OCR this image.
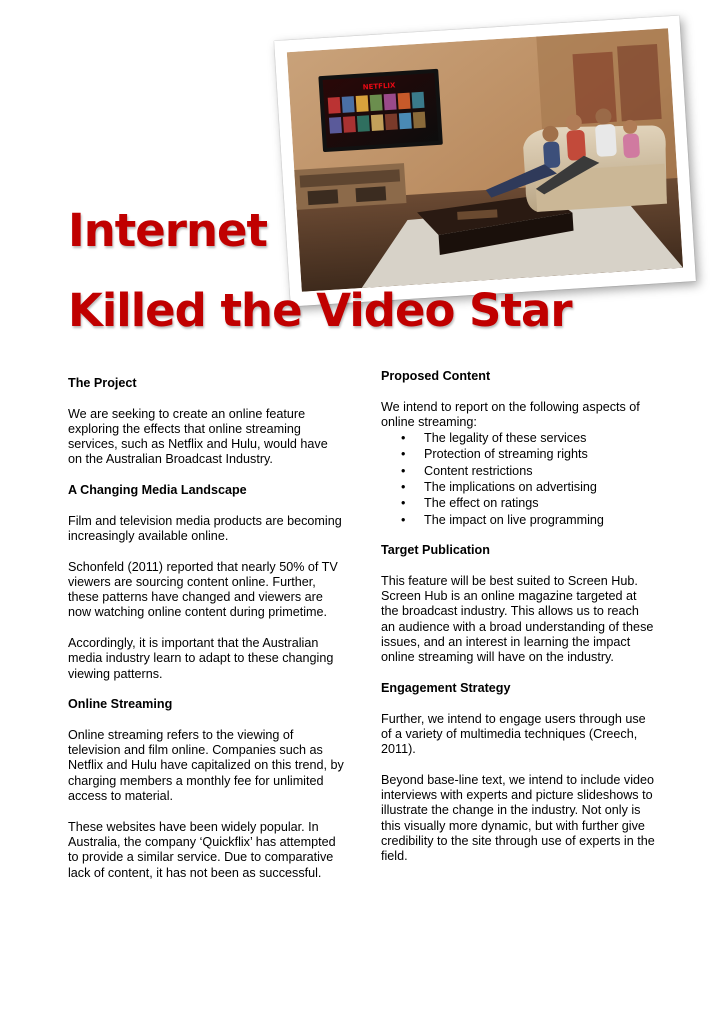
NETFLIX
Internet
Killed the Video Star
The Project

We are seeking to create an online feature exploring the effects that online streaming services, such as Netflix and Hulu, would have on the Australian Broadcast Industry.

A Changing Media Landscape

Film and television media products are becoming increasingly available online.

Schonfeld (2011) reported that nearly 50% of TV viewers are sourcing content online. Further, these patterns have changed and viewers are now watching online content during primetime.

Accordingly, it is important that the Australian media industry learn to adapt to these changing viewing patterns.

Online Streaming

Online streaming refers to the viewing of television and film online. Companies such as Netflix and Hulu have capitalized on this trend, by charging members a monthly fee for unlimited access to material.

These websites have been widely popular. In Australia, the company ‘Quickflix’ has attempted to provide a similar service. Due to comparative lack of content, it has not been as successful.

Proposed Content

We intend to report on the following aspects of online streaming:

• The legality of these services
• Protection of streaming rights
• Content restrictions
• The implications on advertising
• The effect on ratings
• The impact on live programming
Target Publication

This feature will be best suited to Screen Hub. Screen Hub is an online magazine targeted at the broadcast industry. This allows us to reach an audience with a broad understanding of these issues, and an interest in learning the impact online streaming will have on the industry.

Engagement Strategy

Further, we intend to engage users through use of a variety of multimedia techniques (Creech, 2011).

Beyond base-line text, we intend to include video interviews with experts and picture slideshows to illustrate the change in the industry. Not only is this visually more dynamic, but with further give credibility to the site through use of experts in the field.
